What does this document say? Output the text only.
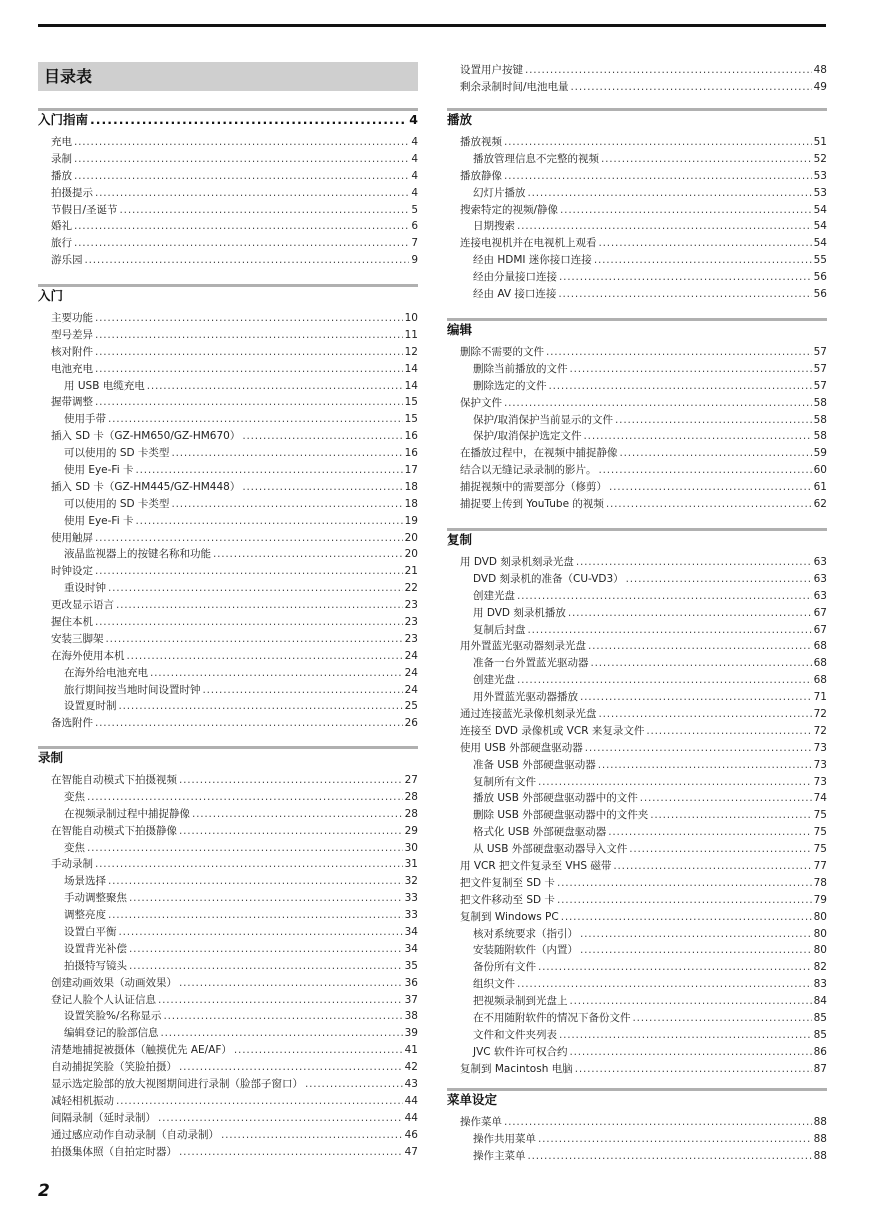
目录表
入门指南 .....	4
充电 .....	4
录制 .....	4
播放 .....	4
拍摄提示 .....	4
节假日/圣诞节 .....	5
婚礼 .....	6
旅行 .....	7
游乐园 .....	9
入门
主要功能 .....	10
型号差异 .....	11
核对附件 .....	12
电池充电 .....	14
用 USB 电缆充电 .....	14
握带调整 .....	15
使用手带 .....	15
插入 SD 卡（GZ-HM650/GZ-HM670） .....	16
可以使用的 SD 卡类型 .....	16
使用 Eye-Fi 卡 .....	17
插入 SD 卡（GZ-HM445/GZ-HM448） .....	18
可以使用的 SD 卡类型 .....	18
使用 Eye-Fi 卡 .....	19
使用触屏 .....	20
液晶监视器上的按键名称和功能 .....	20
时钟设定 .....	21
重设时钟 .....	22
更改显示语言 .....	23
握住本机 .....	23
安装三脚架 .....	23
在海外使用本机 .....	24
在海外给电池充电 .....	24
旅行期间按当地时间设置时钟 .....	24
设置夏时制 .....	25
备选附件 .....	26
录制
在智能自动模式下拍摄视频 .....	27
变焦 .....	28
在视频录制过程中捕捉静像 .....	28
在智能自动模式下拍摄静像 .....	29
变焦 .....	30
手动录制 .....	31
场景选择 .....	32
手动调整聚焦 .....	33
调整亮度 .....	33
设置白平衡 .....	34
设置背光补偿 .....	34
拍摄特写镜头 .....	35
创建动画效果（动画效果） .....	36
登记人脸个人认证信息 .....	37
设置笑脸%/名称显示 .....	38
编辑登记的脸部信息 .....	39
清楚地捕捉被摄体（触摸优先 AE/AF） .....	41
自动捕捉笑脸（笑脸拍摄） .....	42
显示选定脸部的放大视图期间进行录制（脸部子窗口） .....	43
减轻相机振动 .....	44
间隔录制（延时录制） .....	44
通过感应动作自动录制（自动录制） .....	46
拍摄集体照（自拍定时器） .....	47
设置用户按键 .....	48
剩余录制时间/电池电量 .....	49
播放
播放视频 .....	51
播放管理信息不完整的视频 .....	52
播放静像 .....	53
幻灯片播放 .....	53
搜索特定的视频/静像 .....	54
日期搜索 .....	54
连接电视机并在电视机上观看 .....	54
经由 HDMI 迷你接口连接 .....	55
经由分量接口连接 .....	56
经由 AV 接口连接 .....	56
编辑
删除不需要的文件 .....	57
删除当前播放的文件 .....	57
删除选定的文件 .....	57
保护文件 .....	58
保护/取消保护当前显示的文件 .....	58
保护/取消保护选定文件 .....	58
在播放过程中，在视频中捕捉静像 .....	59
结合以无缝记录录制的影片。 .....	60
捕捉视频中的需要部分（修剪） .....	61
捕捉要上传到 YouTube 的视频 .....	62
复制
用 DVD 刻录机刻录光盘 .....	63
DVD 刻录机的准备（CU-VD3） .....	63
创建光盘 .....	63
用 DVD 刻录机播放 .....	67
复制后封盘 .....	67
用外置蓝光驱动器刻录光盘 .....	68
准备一台外置蓝光驱动器 .....	68
创建光盘 .....	68
用外置蓝光驱动器播放 .....	71
通过连接蓝光录像机刻录光盘 .....	72
连接至 DVD 录像机或 VCR 来复录文件 .....	72
使用 USB 外部硬盘驱动器 .....	73
准备 USB 外部硬盘驱动器 .....	73
复制所有文件 .....	73
播放 USB 外部硬盘驱动器中的文件 .....	74
删除 USB 外部硬盘驱动器中的文件夹 .....	75
格式化 USB 外部硬盘驱动器 .....	75
从 USB 外部硬盘驱动器导入文件 .....	75
用 VCR 把文件复录至 VHS 磁带 .....	77
把文件复制至 SD 卡 .....	78
把文件移动至 SD 卡 .....	79
复制到 Windows PC .....	80
核对系统要求（指引） .....	80
安装随附软件（内置） .....	80
备份所有文件 .....	82
组织文件 .....	83
把视频录制到光盘上 .....	84
在不用随附软件的情况下备份文件 .....	85
文件和文件夹列表 .....	85
JVC 软件许可权合约 .....	86
复制到 Macintosh 电脑 .....	87
菜单设定
操作菜单 .....	88
操作共用菜单 .....	88
操作主菜单 .....	88
2
